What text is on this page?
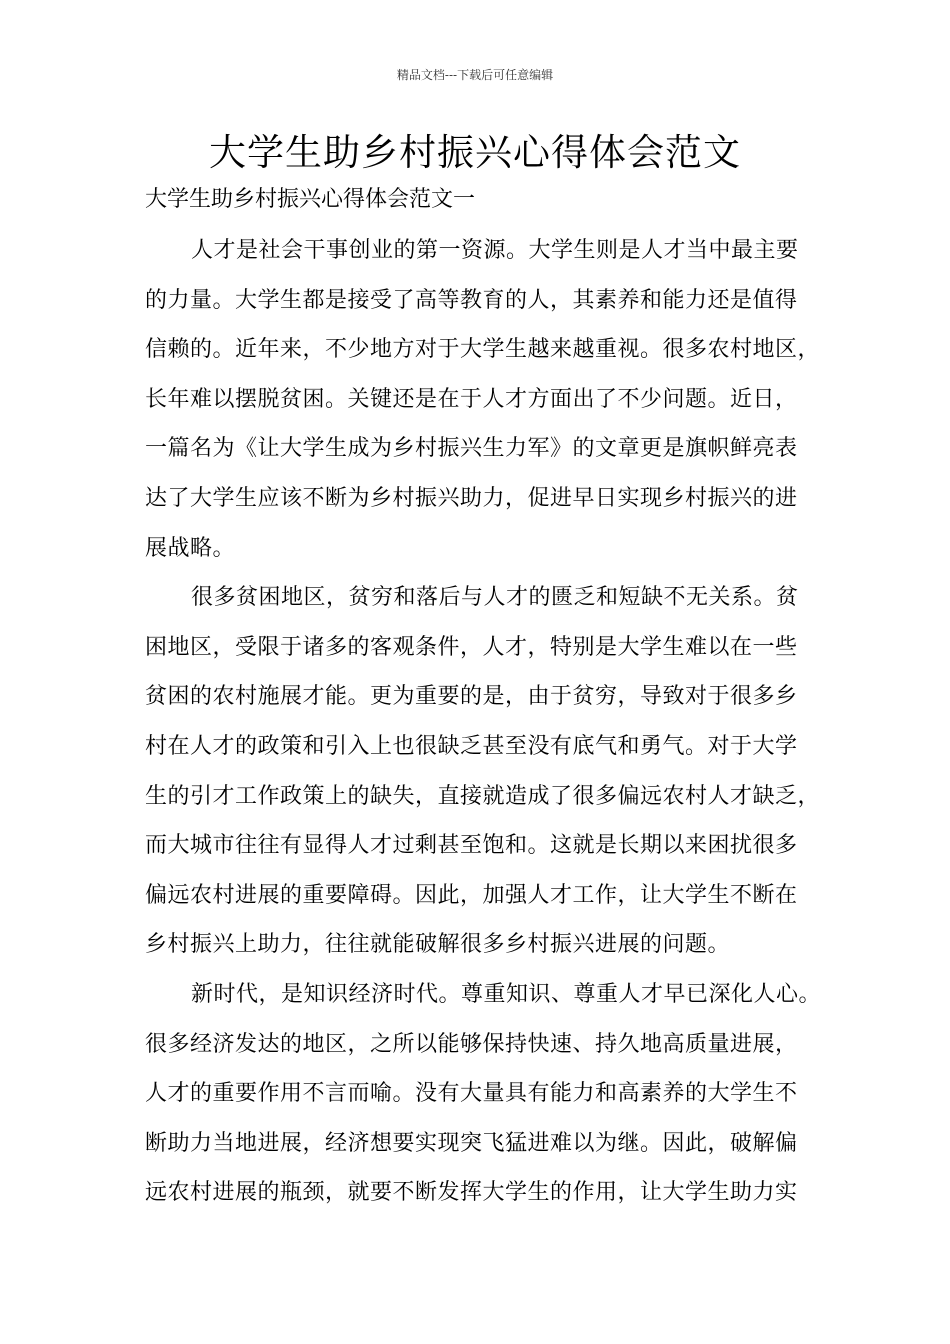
精品文档---下载后可任意编辑
大学生助乡村振兴心得体会范文

大学生助乡村振兴心得体会范文一

人才是社会干事创业的第一资源。大学生则是人才当中最主要
的力量。大学生都是接受了高等教育的人，其素养和能力还是值得
信赖的。近年来，不少地方对于大学生越来越重视。很多农村地区，
长年难以摆脱贫困。关键还是在于人才方面出了不少问题。近日，
一篇名为《让大学生成为乡村振兴生力军》的文章更是旗帜鲜亮表
达了大学生应该不断为乡村振兴助力，促进早日实现乡村振兴的进
展战略。
很多贫困地区，贫穷和落后与人才的匮乏和短缺不无关系。贫
困地区，受限于诸多的客观条件，人才，特别是大学生难以在一些
贫困的农村施展才能。更为重要的是，由于贫穷，导致对于很多乡
村在人才的政策和引入上也很缺乏甚至没有底气和勇气。对于大学
生的引才工作政策上的缺失，直接就造成了很多偏远农村人才缺乏，
而大城市往往有显得人才过剩甚至饱和。这就是长期以来困扰很多
偏远农村进展的重要障碍。因此，加强人才工作，让大学生不断在
乡村振兴上助力，往往就能破解很多乡村振兴进展的问题。
新时代，是知识经济时代。尊重知识、尊重人才早已深化人心。
很多经济发达的地区，之所以能够保持快速、持久地高质量进展，
人才的重要作用不言而喻。没有大量具有能力和高素养的大学生不
断助力当地进展，经济想要实现突飞猛进难以为继。因此，破解偏
远农村进展的瓶颈，就要不断发挥大学生的作用，让大学生助力实
